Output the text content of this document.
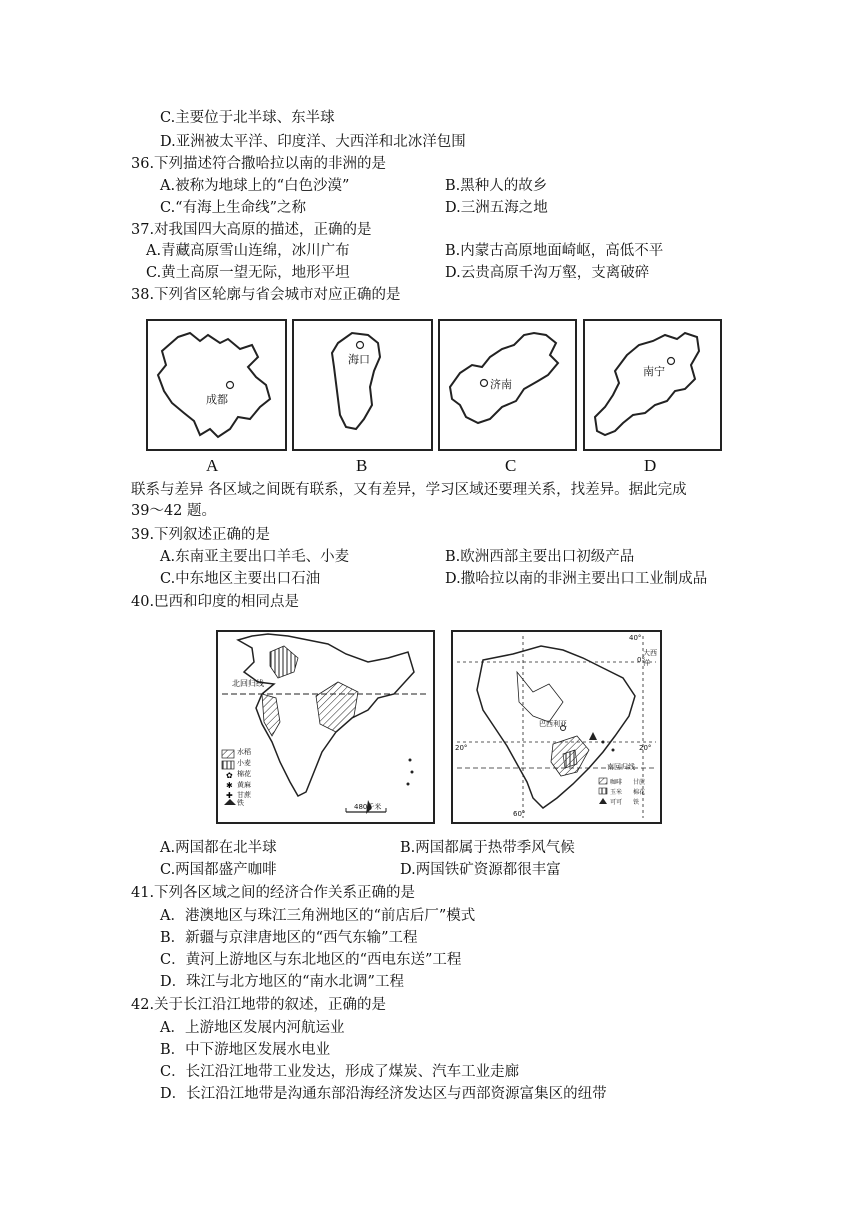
C.主要位于北半球、东半球
D.亚洲被太平洋、印度洋、大西洋和北冰洋包围
36.下列描述符合撒哈拉以南的非洲的是
A.被称为地球上的“白色沙漠”	B.黑种人的故乡
C.“有海上生命线”之称	D.三洲五海之地
37.对我国四大高原的描述，正确的是
A.青藏高原雪山连绵，冰川广布	B.内蒙古高原地面崎岖，高低不平
C.黄土高原一望无际，地形平坦	D.云贵高原千沟万壑，支离破碎
38.下列省区轮廓与省会城市对应正确的是
成都
海口
济南
南宁
A	B	C	D
联系与差异 各区域之间既有联系，又有差异，学习区域还要理关系，找差异。据此完成
39～42 题。
39.下列叙述正确的是
A.东南亚主要出口羊毛、小麦	B.欧洲西部主要出口初级产品
C.中东地区主要出口石油	D.撒哈拉以南的非洲主要出口工业制成品
40.巴西和印度的相同点是
✿
✱
✚
北回归线
水稻
小麦
棉花
黄麻
甘蔗
铁	480千米
大西洋
巴西利亚
南回归线
0°
20°	20°
40°
60°
咖啡 甘蔗
玉米 棉花
可可 铁
A.两国都在北半球	B.两国都属于热带季风气候
C.两国都盛产咖啡	D.两国铁矿资源都很丰富
41.下列各区域之间的经济合作关系正确的是
A．港澳地区与珠江三角洲地区的“前店后厂”模式
B．新疆与京津唐地区的“西气东输”工程
C．黄河上游地区与东北地区的“西电东送”工程
D．珠江与北方地区的“南水北调”工程
42.关于长江沿江地带的叙述，正确的是
A．上游地区发展内河航运业
B．中下游地区发展水电业
C．长江沿江地带工业发达，形成了煤炭、汽车工业走廊
D．长江沿江地带是沟通东部沿海经济发达区与西部资源富集区的纽带
